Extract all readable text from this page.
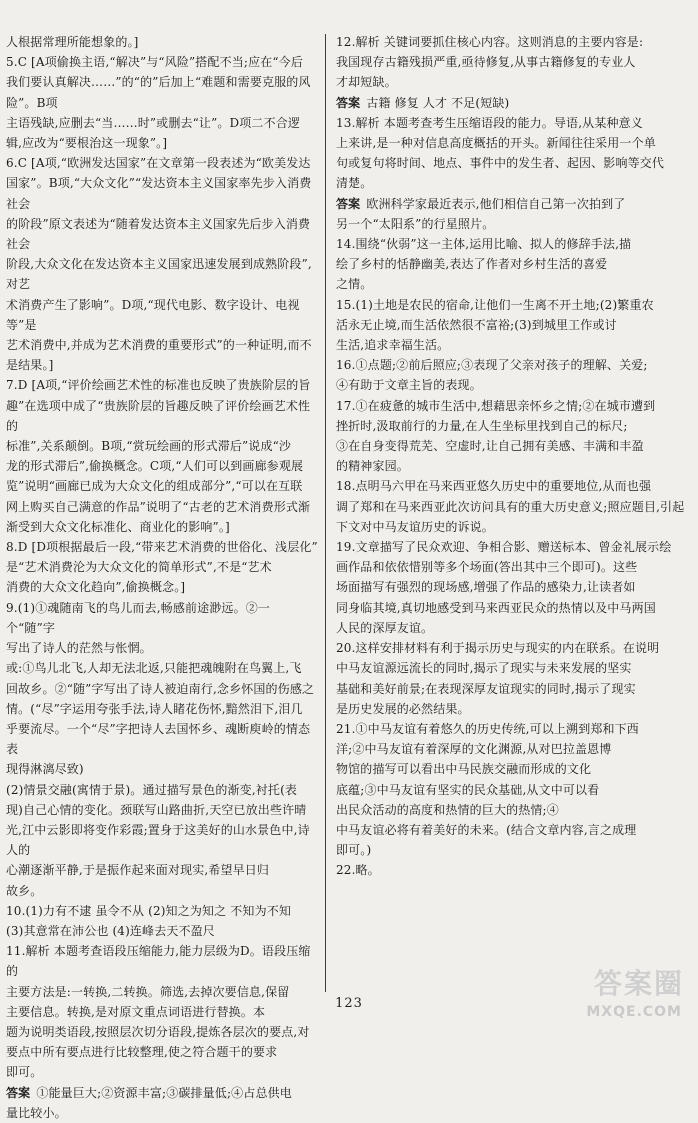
人根据常理所能想象的。]

5.C [A项偷换主语,“解决”与“风险”搭配不当;应在“今后

我们要认真解决……”的“的”后加上“难题和需要克服的风险”。B项

主语残缺,应删去“当……时”或删去“让”。D项二不合逻

辑,应改为“要根治这一现象”。]

6.C [A项,“欧洲发达国家”在文章第一段表述为“欧美发达

国家”。B项,“大众文化”“发达资本主义国家率先步入消费社会

的阶段”原文表述为“随着发达资本主义国家先后步入消费社会

阶段,大众文化在发达资本主义国家迅速发展到成熟阶段”,对艺

术消费产生了影响”。D项,“现代电影、数字设计、电视等”是

艺术消费中,并成为艺术消费的重要形式”的一种证明,而不

是结果。]

7.D [A项,“评价绘画艺术性的标准也反映了贵族阶层的旨

趣”在选项中成了“贵族阶层的旨趣反映了评价绘画艺术性的

标准”,关系颠倒。B项,“赏玩绘画的形式滞后”说成“沙

龙的形式滞后”,偷换概念。C项,“人们可以到画廊参观展

览”说明“画廊已成为大众文化的组成部分”,“可以在互联

网上购买自己满意的作品”说明了“古老的艺术消费形式渐

渐受到大众文化标准化、商业化的影响”。]

8.D [D项根据最后一段,“带来艺术消费的世俗化、浅层化”

是“艺术消费沦为大众文化的简单形式”,不是“艺术

消费的大众文化趋向”,偷换概念。]

9.(1)①魂随南飞的鸟儿而去,畅感前途渺远。②一个“随”字

写出了诗人的茫然与怅惘。

或:①鸟儿北飞,人却无法北返,只能把魂魄附在鸟翼上,飞

回故乡。②“随”字写出了诗人被迫南行,念乡怀国的伤感之

情。(“尽”字运用夸张手法,诗人睹花伤怀,黯然泪下,泪几

乎要流尽。一个“尽”字把诗人去国怀乡、魂断庾岭的情态表

现得淋漓尽致)

(2)情景交融(寓情于景)。通过描写景色的渐变,衬托(表

现)自己心情的变化。颈联写山路曲折,天空已放出些许晴

光,江中云影即将变作彩霞;置身于这美好的山水景色中,诗人的

心潮逐渐平静,于是振作起来面对现实,希望早日归

故乡。

10.(1)力有不逮 虽令不从 (2)知之为知之 不知为不知

(3)其意常在沛公也 (4)连峰去天不盈尺

11.解析 本题考查语段压缩能力,能力层级为D。语段压缩的

主要方法是:一转换,二转换。筛选,去掉次要信息,保留

主要信息。转换,是对原文重点词语进行替换。本

题为说明类语段,按照层次切分语段,提炼各层次的要点,对

要点中所有要点进行比较整理,使之符合题干的要求

即可。

答案 ①能量巨大;②资源丰富;③碳排量低;④占总供电

量比较小。

12.解析 关键词要抓住核心内容。这则消息的主要内容是:

我国现存古籍残损严重,亟待修复,从事古籍修复的专业人

才却短缺。

答案 古籍 修复 人才 不足(短缺)

13.解析 本题考查考生压缩语段的能力。导语,从某种意义

上来讲,是一种对信息高度概括的开头。新闻往往采用一个单

句或复句将时间、地点、事件中的发生者、起因、影响等交代

清楚。

答案 欧洲科学家最近表示,他们相信自己第一次拍到了

另一个“太阳系”的行星照片。

14.围绕“伙弱”这一主体,运用比喻、拟人的修辞手法,描

绘了乡村的恬静幽美,表达了作者对乡村生活的喜爱

之情。

15.(1)土地是农民的宿命,让他们一生离不开土地;(2)繁重农

活永无止境,而生活依然很不富裕;(3)到城里工作或讨

生活,追求幸福生活。

16.①点题;②前后照应;③表现了父亲对孩子的理解、关爱;

④有助于文章主旨的表现。

17.①在疲惫的城市生活中,想藉思亲怀乡之情;②在城市遭到

挫折时,汲取前行的力量,在人生坐标里找到自己的标尺;

③在自身变得荒芜、空虚时,让自己拥有美感、丰满和丰盈

的精神家园。

18.点明马六甲在马来西亚悠久历史中的重要地位,从而也强

调了郑和在马来西亚此次访问具有的重大历史意义;照应题目,引起

下文对中马友谊历史的诉说。

19.文章描写了民众欢迎、争相合影、赠送标本、曾金礼展示绘

画作品和依依惜别等多个场面(答出其中三个即可)。这些

场面描写有强烈的现场感,增强了作品的感染力,让读者如

同身临其境,真切地感受到马来西亚民众的热情以及中马两国

人民的深厚友谊。

20.这样安排材料有利于揭示历史与现实的内在联系。在说明

中马友谊源远流长的同时,揭示了现实与未来发展的坚实

基础和美好前景;在表现深厚友谊现实的同时,揭示了现实

是历史发展的必然结果。

21.①中马友谊有着悠久的历史传统,可以上溯到郑和下西

洋;②中马友谊有着深厚的文化渊源,从对巴拉盖恩博

物馆的描写可以看出中马民族交融而形成的文化

底蕴;③中马友谊有坚实的民众基础,从文中可以看

出民众活动的高度和热情的巨大的热情;④

中马友谊必将有着美好的未来。(结合文章内容,言之成理

即可。)

22.略。

123
答案圈
MXQE.COM
